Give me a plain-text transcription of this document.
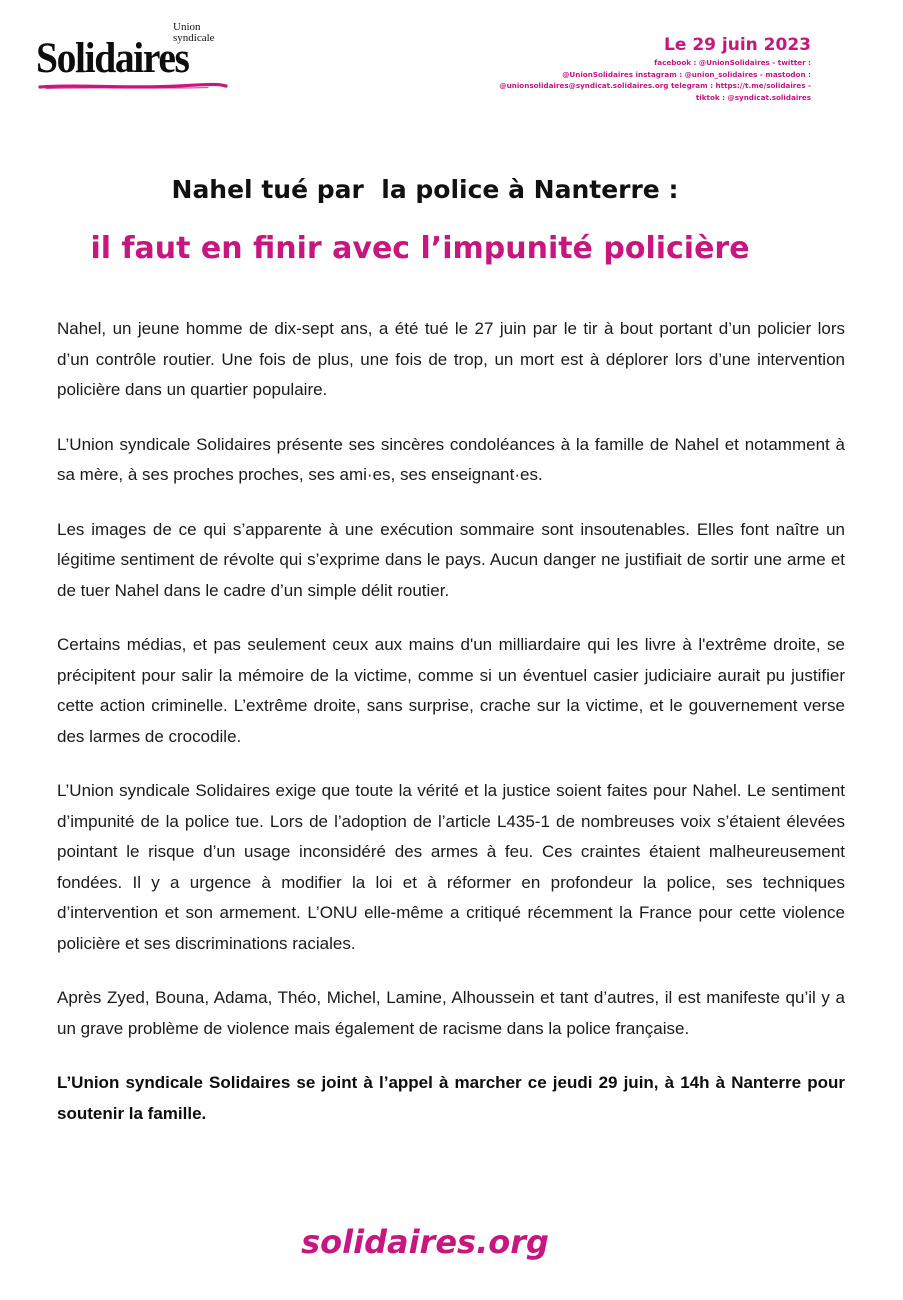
Union
syndicale
Solidaires	Le 29 juin 2023
facebook : @UnionSolidaires - twitter :
@UnionSolidaires instagram : @union_solidaires - mastodon :
@unionsolidaires@syndicat.solidaires.org telegram : https://t.me/solidaires -
tiktok : @syndicat.solidaires
Nahel tué par  la police à Nanterre :
il faut en finir avec l’impunité policière

Nahel, un jeune homme de dix-sept ans, a été tué le 27 juin par le tir à bout portant d’un policier lors d’un contrôle routier. Une fois de plus, une fois de trop, un mort est à déplorer lors d’une intervention policière dans un quartier populaire.

L’Union syndicale Solidaires présente ses sincères condoléances à la famille de Nahel et notamment à sa mère, à ses proches proches, ses ami·es, ses enseignant·es.

Les images de ce qui s’apparente à une exécution sommaire sont insoutenables. Elles font naître un légitime sentiment de révolte qui s’exprime dans le pays. Aucun danger ne justifiait de sortir une arme et de tuer Nahel dans le cadre d’un simple délit routier.

Certains médias, et pas seulement ceux aux mains d'un milliardaire qui les livre à l'extrême droite, se précipitent pour salir la mémoire de la victime, comme si un éventuel casier judiciaire aurait pu justifier cette action criminelle. L’extrême droite, sans surprise, crache sur la victime, et le gouvernement verse des larmes de crocodile.

L’Union syndicale Solidaires exige que toute la vérité et la justice soient faites pour Nahel. Le sentiment d’impunité de la police tue. Lors de l’adoption de l’article L435-1 de nombreuses voix s’étaient élevées pointant le risque d’un usage inconsidéré des armes à feu. Ces craintes étaient malheureusement fondées. Il y a urgence à modifier la loi et à réformer en profondeur la police, ses techniques d’intervention et son armement. L’ONU elle-même a critiqué récemment la France pour cette violence policière et ses discriminations raciales.

Après Zyed, Bouna, Adama, Théo, Michel, Lamine, Alhoussein et tant d’autres, il est manifeste qu’il y a un grave problème de violence mais également de racisme dans la police française.

L’Union syndicale Solidaires se joint à l’appel à marcher ce jeudi 29 juin, à 14h à Nanterre pour soutenir la famille.

solidaires.org
